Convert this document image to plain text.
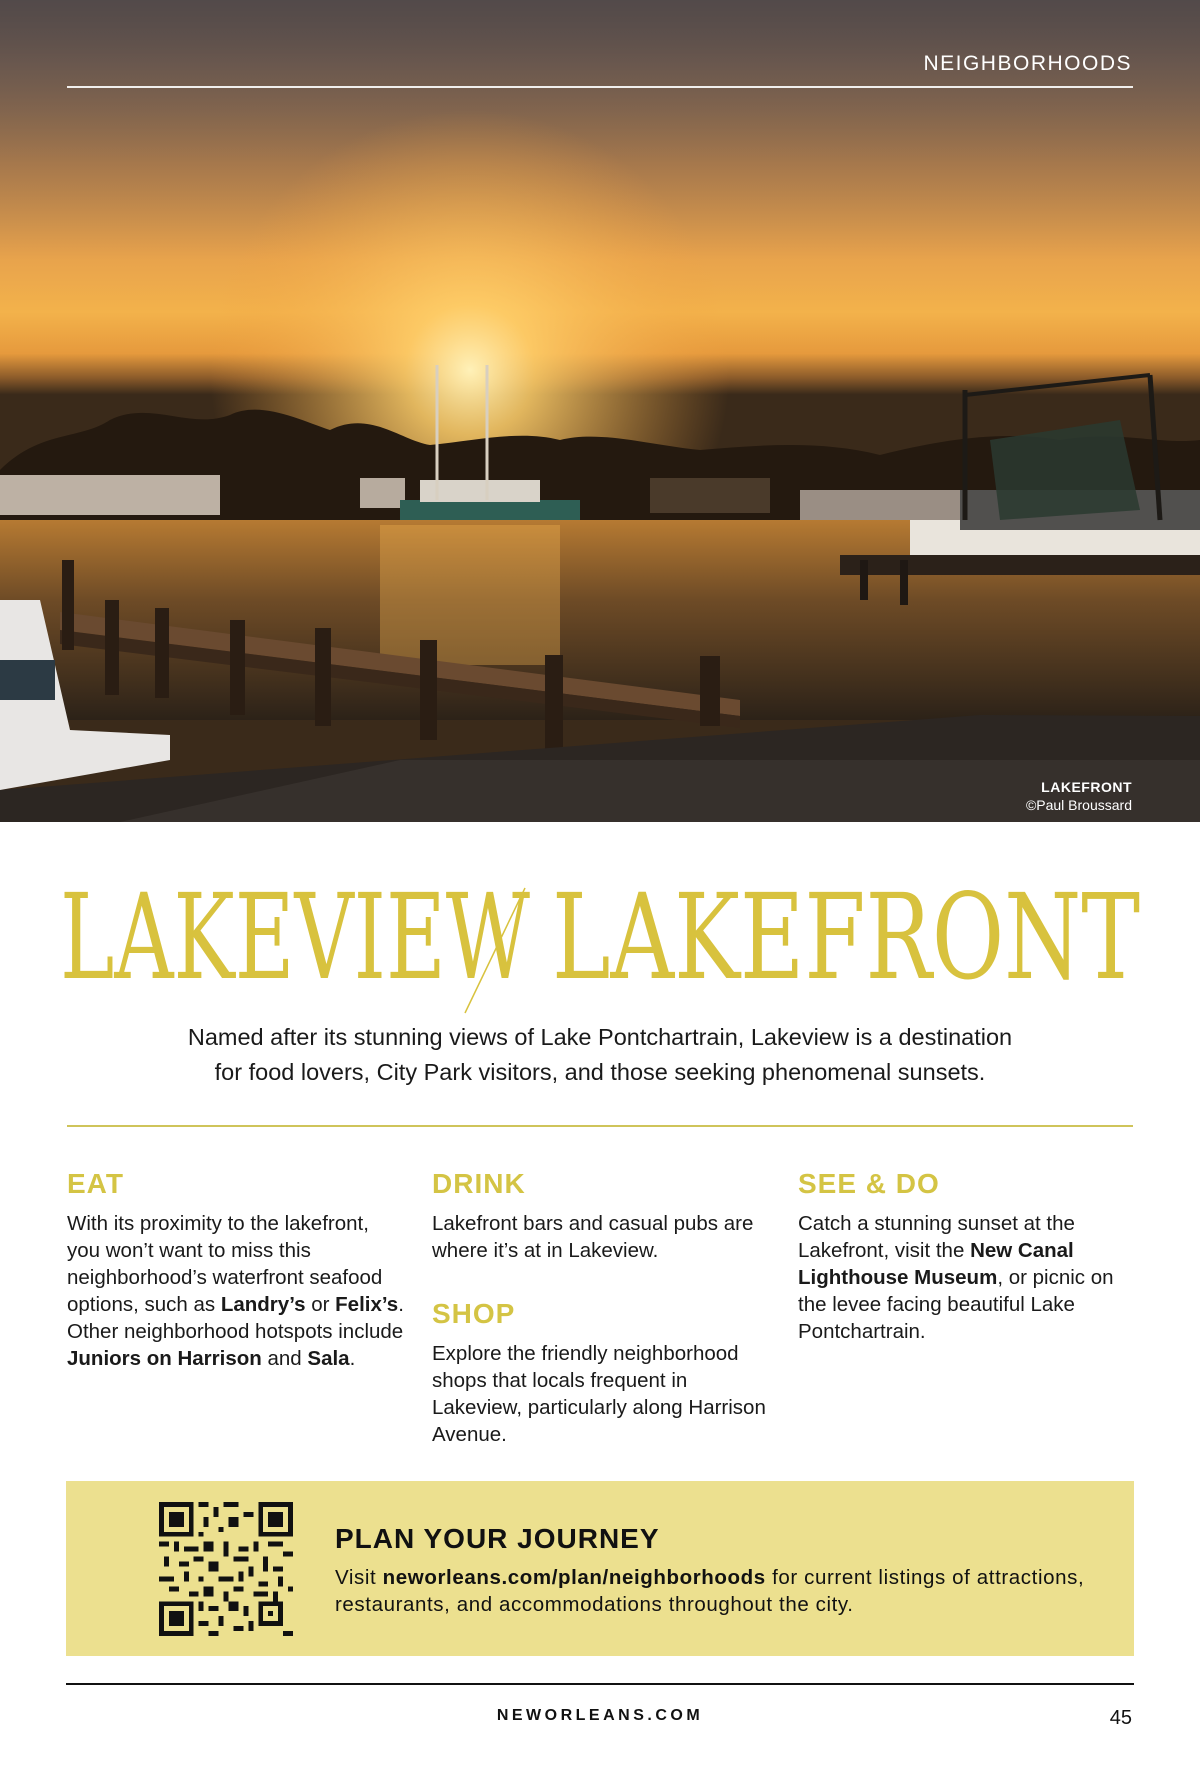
NEIGHBORHOODS
LAKEFRONT
©Paul Broussard
LAKEVIEW LAKEFRONT
Named after its stunning views of Lake Pontchartrain, Lakeview is a destination
for food lovers, City Park visitors, and those seeking phenomenal sunsets.
EAT

With its proximity to the lakefront, you won’t want to miss this neighborhood’s waterfront seafood options, such as Landry’s or Felix’s. Other neighborhood hotspots include Juniors on Harrison and Sala.

DRINK

Lakefront bars and casual pubs are where it’s at in Lakeview.

SHOP

Explore the friendly neighborhood shops that locals frequent in Lakeview, particularly along Harrison Avenue.

SEE & DO

Catch a stunning sunset at the Lakefront, visit the New Canal Lighthouse Museum, or picnic on the levee facing beautiful Lake Pontchartrain.

PLAN YOUR JOURNEY

Visit neworleans.com/plan/neighborhoods for current listings of attractions, restaurants, and accommodations throughout the city.

NEWORLEANS.COM	45
